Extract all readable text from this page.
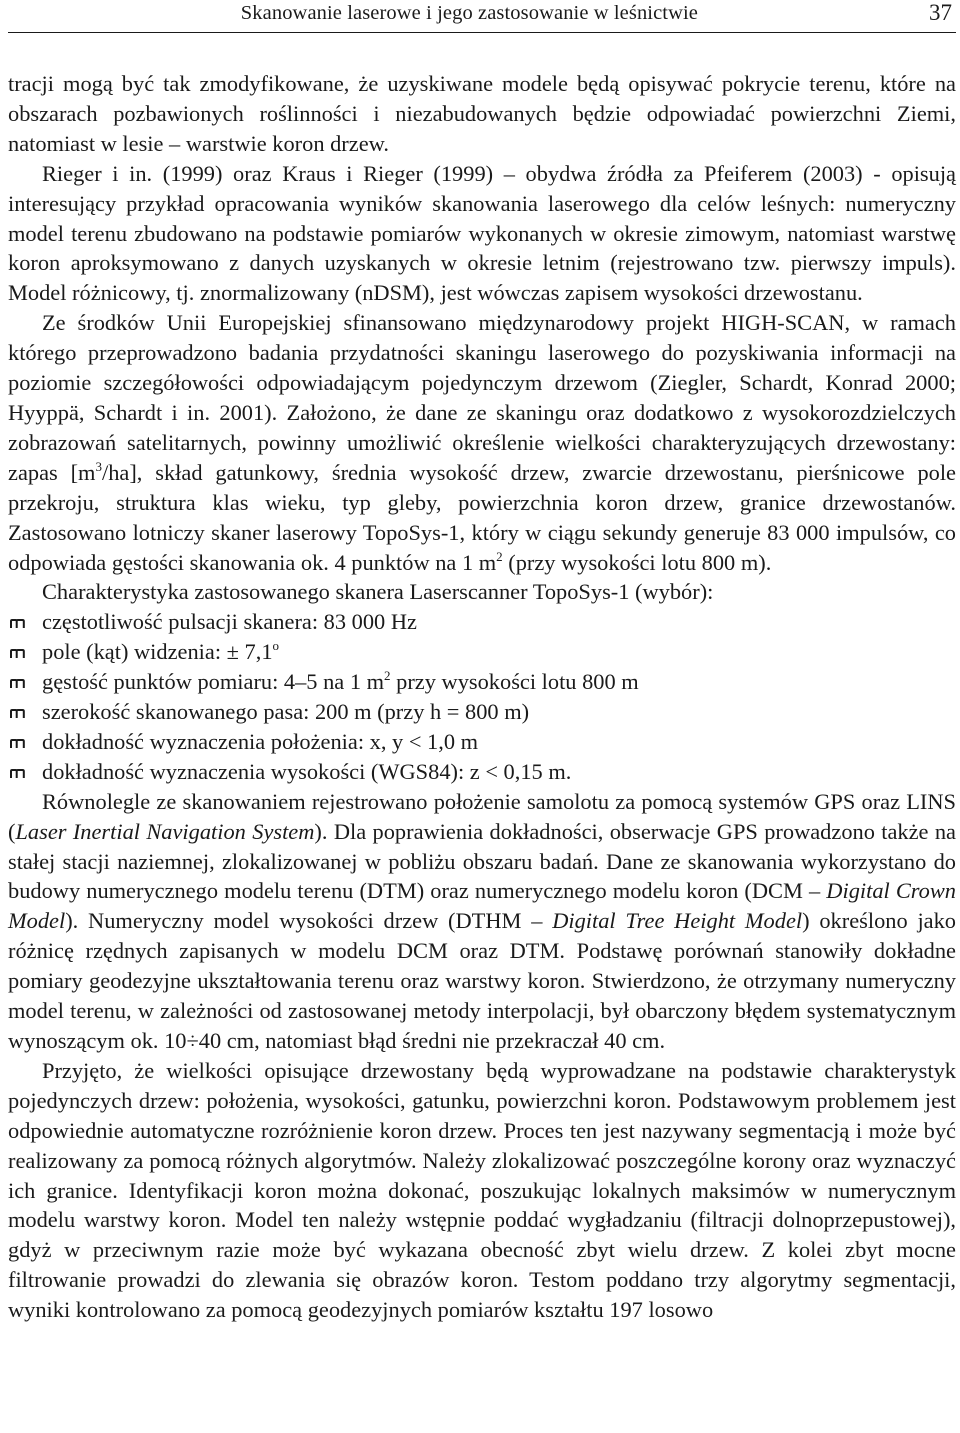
Skanowanie laserowe i jego zastosowanie w leśnictwie	37

tracji mogą być tak zmodyfikowane, że uzyskiwane modele będą opisywać pokrycie terenu, które na obszarach pozbawionych roślinności i niezabudowanych będzie odpowiadać powierzchni Ziemi, natomiast w lesie – warstwie koron drzew.

Rieger i in. (1999) oraz Kraus i Rieger (1999) – obydwa źródła za Pfeiferem (2003) - opisują interesujący przykład opracowania wyników skanowania laserowego dla celów leśnych: numeryczny model terenu zbudowano na podstawie pomiarów wykonanych w okresie zimowym, natomiast warstwę koron aproksymowano z danych uzyskanych w okresie letnim (rejestrowano tzw. pierwszy impuls). Model różnicowy, tj. znormalizowany (nDSM), jest wówczas zapisem wysokości drzewostanu.

Ze środków Unii Europejskiej sfinansowano międzynarodowy projekt HIGH-SCAN, w ramach którego przeprowadzono badania przydatności skaningu laserowego do pozyskiwania informacji na poziomie szczegółowości odpowiadającym pojedynczym drzewom (Ziegler, Schardt, Konrad 2000; Hyyppä, Schardt i in. 2001). Założono, że dane ze skaningu oraz dodatkowo z wysokorozdzielczych zobrazowań satelitarnych, powinny umożliwić określenie wielkości charakteryzujących drzewostany: zapas $[m^3/ha]$, skład gatunkowy, średnia wysokość drzew, zwarcie drzewostanu, pierśnicowe pole przekroju, struktura klas wieku, typ gleby, powierzchnia koron drzew, granice drzewostanów. Zastosowano lotniczy skaner laserowy TopoSys-1, który w ciągu sekundy generuje 83 000 impulsów, co odpowiada gęstości skanowania ok. 4 punktów na 1 $m^2$ (przy wysokości lotu 800 m).

Charakterystyka zastosowanego skanera Laserscanner TopoSys-1 (wybór):

częstotliwość pulsacji skanera: 83 000 Hz
pole (kąt) widzenia: ± $7,1^o$
gęstość punktów pomiaru: 4–5 na 1 $m^2$ przy wysokości lotu 800 m
szerokość skanowanego pasa: 200 m (przy h = 800 m)
dokładność wyznaczenia położenia: x, y < 1,0 m
dokładność wyznaczenia wysokości (WGS84): z < 0,15 m.

Równolegle ze skanowaniem rejestrowano położenie samolotu za pomocą systemów GPS oraz LINS (Laser Inertial Navigation System). Dla poprawienia dokładności, obserwacje GPS prowadzono także na stałej stacji naziemnej, zlokalizowanej w pobliżu obszaru badań. Dane ze skanowania wykorzystano do budowy numerycznego modelu terenu (DTM) oraz numerycznego modelu koron (DCM – Digital Crown Model). Numeryczny model wysokości drzew (DTHM – Digital Tree Height Model) określono jako różnicę rzędnych zapisanych w modelu DCM oraz DTM. Podstawę porównań stanowiły dokładne pomiary geodezyjne ukształtowania terenu oraz warstwy koron. Stwierdzono, że otrzymany numeryczny model terenu, w zależności od zastosowanej metody interpolacji, był obarczony błędem systematycznym wynoszącym ok. 10÷40 cm, natomiast błąd średni nie przekraczał 40 cm.

Przyjęto, że wielkości opisujące drzewostany będą wyprowadzane na podstawie charakterystyk pojedynczych drzew: położenia, wysokości, gatunku, powierzchni koron. Podstawowym problemem jest odpowiednie automatyczne rozróżnienie koron drzew. Proces ten jest nazywany segmentacją i może być realizowany za pomocą różnych algorytmów. Należy zlokalizować poszczególne korony oraz wyznaczyć ich granice. Identyfikacji koron można dokonać, poszukując lokalnych maksimów w numerycznym modelu warstwy koron. Model ten należy wstępnie poddać wygładzaniu (filtracji dolnoprzepustowej), gdyż w przeciwnym razie może być wykazana obecność zbyt wielu drzew. Z kolei zbyt mocne filtrowanie prowadzi do zlewania się obrazów koron. Testom poddano trzy algorytmy segmentacji, wyniki kontrolowano za pomocą geodezyjnych pomiarów kształtu 197 losowo
